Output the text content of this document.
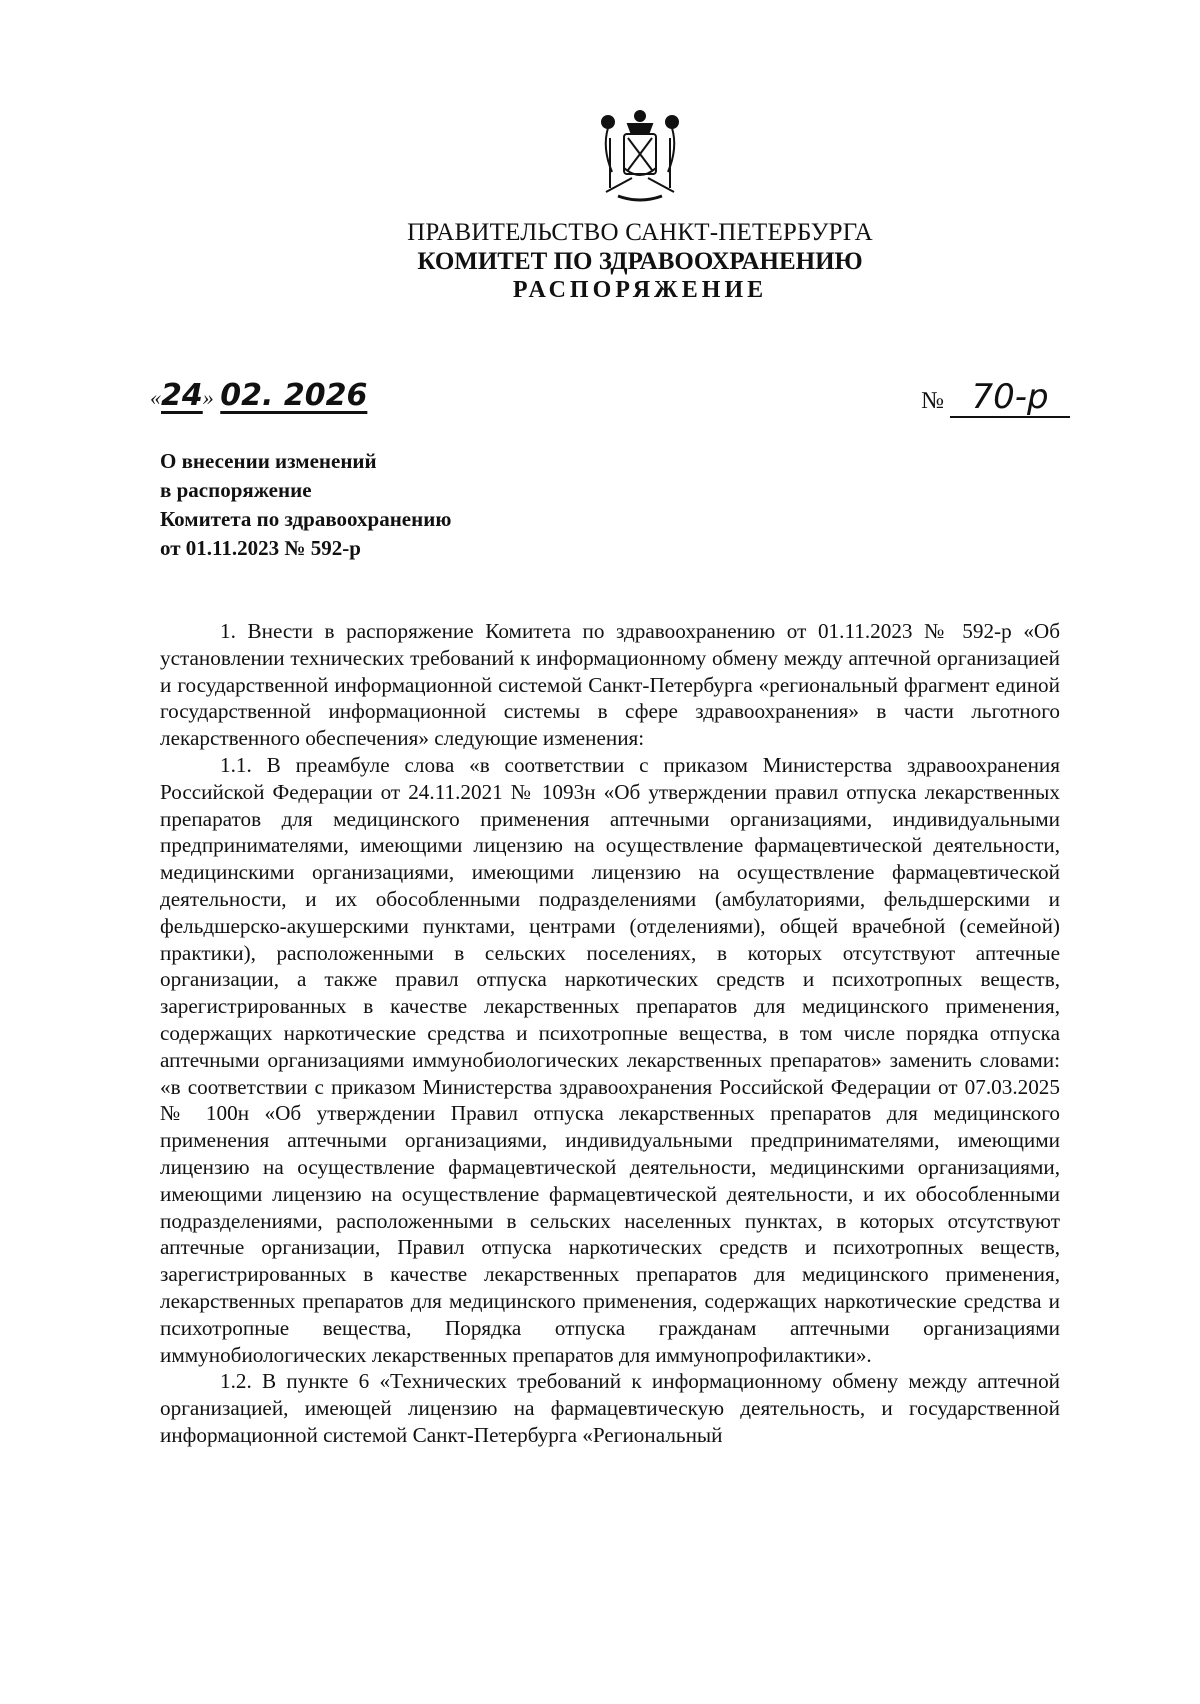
ПРАВИТЕЛЬСТВО САНКТ-ПЕТЕРБУРГА
КОМИТЕТ ПО ЗДРАВООХРАНЕНИЮ
РАСПОРЯЖЕНИЕ
«24» 02. 2026	№ 70-р
О внесении изменений
в распоряжение
Комитета по здравоохранению
от 01.11.2023 № 592-р

1. Внести в распоряжение Комитета по здравоохранению от 01.11.2023 № 592-р «Об установлении технических требований к информационному обмену между аптечной организацией и государственной информационной системой Санкт-Петербурга «региональный фрагмент единой государственной информационной системы в сфере здравоохранения» в части льготного лекарственного обеспечения» следующие изменения:

1.1. В преамбуле слова «в соответствии с приказом Министерства здравоохранения Российской Федерации от 24.11.2021 № 1093н «Об утверждении правил отпуска лекарственных препаратов для медицинского применения аптечными организациями, индивидуальными предпринимателями, имеющими лицензию на осуществление фармацевтической деятельности, медицинскими организациями, имеющими лицензию на осуществление фармацевтической деятельности, и их обособленными подразделениями (амбулаториями, фельдшерскими и фельдшерско-акушерскими пунктами, центрами (отделениями), общей врачебной (семейной) практики), расположенными в сельских поселениях, в которых отсутствуют аптечные организации, а также правил отпуска наркотических средств и психотропных веществ, зарегистрированных в качестве лекарственных препаратов для медицинского применения, содержащих наркотические средства и психотропные вещества, в том числе порядка отпуска аптечными организациями иммунобиологических лекарственных препаратов» заменить словами: «в соответствии с приказом Министерства здравоохранения Российской Федерации от 07.03.2025 № 100н «Об утверждении Правил отпуска лекарственных препаратов для медицинского применения аптечными организациями, индивидуальными предпринимателями, имеющими лицензию на осуществление фармацевтической деятельности, медицинскими организациями, имеющими лицензию на осуществление фармацевтической деятельности, и их обособленными подразделениями, расположенными в сельских населенных пунктах, в которых отсутствуют аптечные организации, Правил отпуска наркотических средств и психотропных веществ, зарегистрированных в качестве лекарственных препаратов для медицинского применения, лекарственных препаратов для медицинского применения, содержащих наркотические средства и психотропные вещества, Порядка отпуска гражданам аптечными организациями иммунобиологических лекарственных препаратов для иммунопрофилактики».

1.2. В пункте 6 «Технических требований к информационному обмену между аптечной организацией, имеющей лицензию на фармацевтическую деятельность, и государственной информационной системой Санкт-Петербурга «Региональный
